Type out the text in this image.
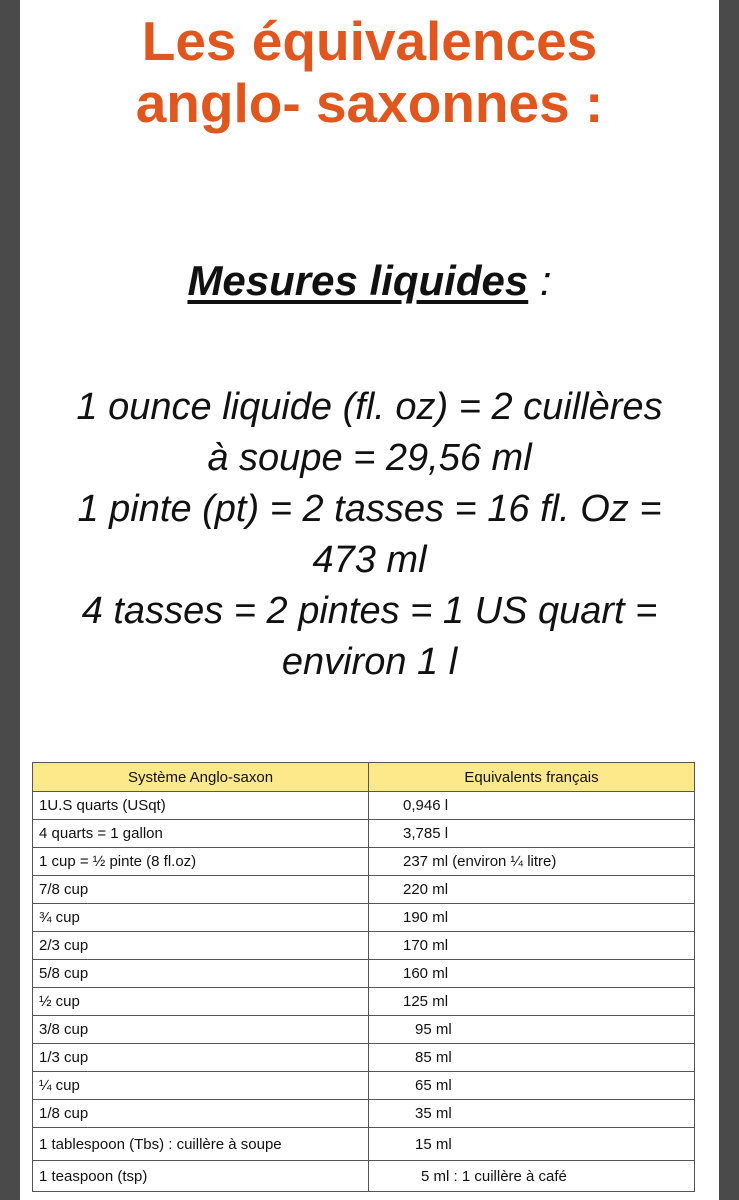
Les équivalences
anglo- saxonnes :
Mesures liquides :
1 ounce liquide (fl. oz) = 2 cuillères
à soupe = 29,56 ml
1 pinte (pt) = 2 tasses = 16 fl. Oz =
473 ml
4 tasses = 2 pintes = 1 US quart =
environ 1 l
Système Anglo-saxon	Equivalents français
1U.S quarts (USqt)	0,946 l
4 quarts = 1 gallon	3,785 l
1 cup = ½ pinte (8 fl.oz)	237 ml (environ ¼ litre)
7/8 cup	220 ml
¾ cup	190 ml
2/3 cup	170 ml
5/8 cup	160 ml
½ cup	125 ml
3/8 cup	95 ml
1/3 cup	85 ml
¼ cup	65 ml
1/8 cup	35 ml
1 tablespoon (Tbs) : cuillère à soupe	15 ml
1 teaspoon (tsp)	5 ml : 1 cuillère à café
